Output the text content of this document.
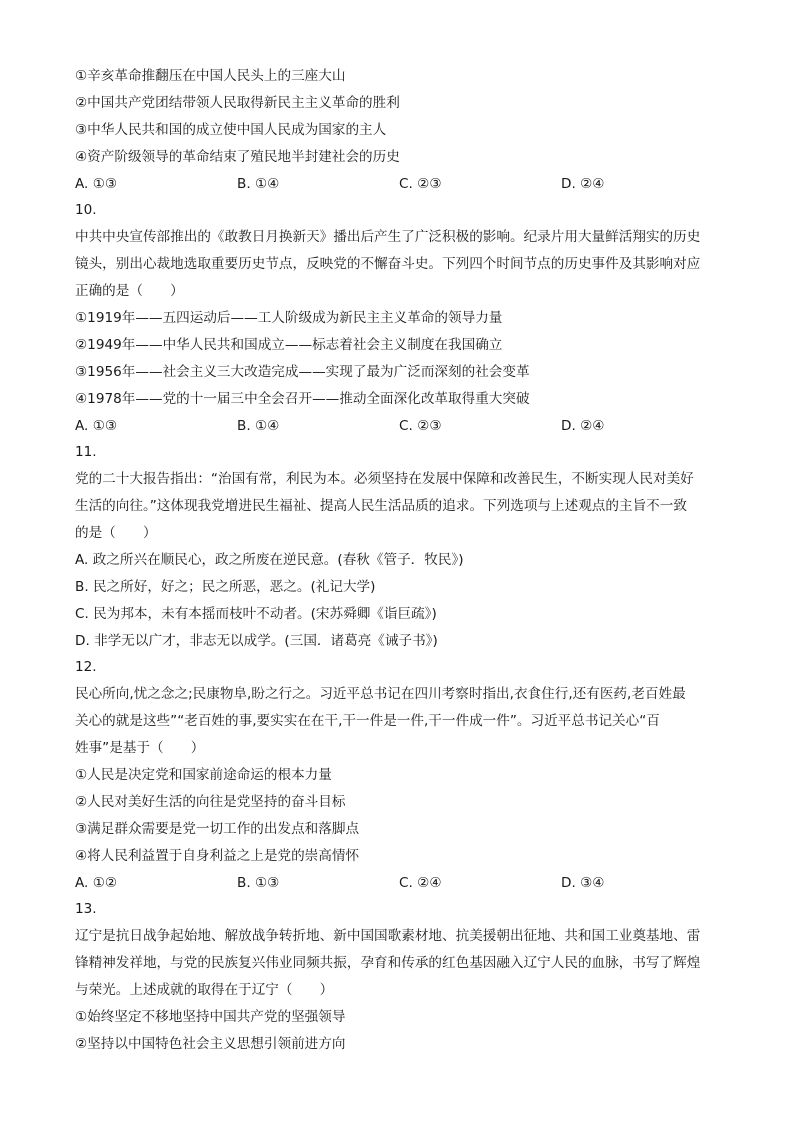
①辛亥革命推翻压在中国人民头上的三座大山
②中国共产党团结带领人民取得新民主主义革命的胜利
③中华人民共和国的成立使中国人民成为国家的主人
④资产阶级领导的革命结束了殖民地半封建社会的历史
A. ①③	B. ①④	C. ②③	D. ②④
10.
中共中央宣传部推出的《敢教日月换新天》播出后产生了广泛积极的影响。纪录片用大量鲜活翔实的历史
镜头，别出心裁地选取重要历史节点，反映党的不懈奋斗史。下列四个时间节点的历史事件及其影响对应
正确的是（　　）
①1919年——五四运动后——工人阶级成为新民主主义革命的领导力量
②1949年——中华人民共和国成立——标志着社会主义制度在我国确立
③1956年——社会主义三大改造完成——实现了最为广泛而深刻的社会变革
④1978年——党的十一届三中全会召开——推动全面深化改革取得重大突破
A. ①③	B. ①④	C. ②③	D. ②④
11.
党的二十大报告指出：“治国有常，利民为本。必须坚持在发展中保障和改善民生，不断实现人民对美好
生活的向往。”这体现我党增进民生福祉、提高人民生活品质的追求。下列选项与上述观点的主旨不一致
的是（　　）
A. 政之所兴在顺民心，政之所废在逆民意。(春秋《管子．牧民》)
B. 民之所好，好之；民之所恶，恶之。(礼记大学)
C. 民为邦本，未有本摇而枝叶不动者。(宋苏舜卿《诣巨疏》)
D. 非学无以广才，非志无以成学。(三国．诸葛亮《诫子书》)
12.
民心所向,忧之念之;民康物阜,盼之行之。习近平总书记在四川考察时指出,衣食住行,还有医药,老百姓最
关心的就是这些”“老百姓的事,要实实在在干,干一件是一件,干一件成一件”。习近平总书记关心“百
姓事”是基于（　　）
①人民是决定党和国家前途命运的根本力量
②人民对美好生活的向往是党坚持的奋斗目标
③满足群众需要是党一切工作的出发点和落脚点
④将人民利益置于自身利益之上是党的崇高情怀
A. ①②	B. ①③	C. ②④	D. ③④
13.
辽宁是抗日战争起始地、解放战争转折地、新中国国歌素材地、抗美援朝出征地、共和国工业奠基地、雷
锋精神发祥地，与党的民族复兴伟业同频共振，孕育和传承的红色基因融入辽宁人民的血脉，书写了辉煌
与荣光。上述成就的取得在于辽宁（　　）
①始终坚定不移地坚持中国共产党的坚强领导
②坚持以中国特色社会主义思想引领前进方向
